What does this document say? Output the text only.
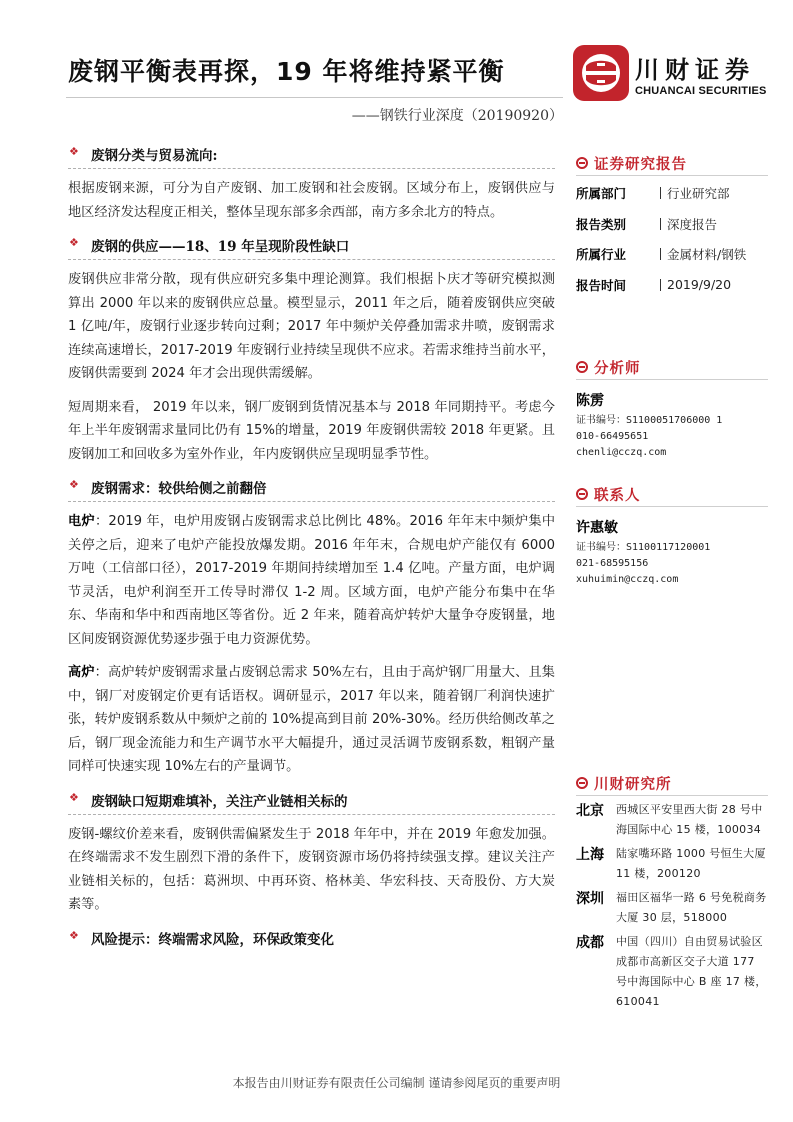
废钢平衡表再探，19 年将维持紧平衡
——钢铁行业深度（20190920）
川财证券
CHUANCAI SECURITIES
❖ 废钢分类与贸易流向:

根据废钢来源，可分为自产废钢、加工废钢和社会废钢。区域分布上，废钢供应与地区经济发达程度正相关，整体呈现东部多余西部，南方多余北方的特点。

❖ 废钢的供应——18、19 年呈现阶段性缺口

废钢供应非常分散，现有供应研究多集中理论测算。我们根据卜庆才等研究模拟测算出 2000 年以来的废钢供应总量。模型显示，2011 年之后，随着废钢供应突破 1 亿吨/年，废钢行业逐步转向过剩；2017 年中频炉关停叠加需求井喷，废钢需求连续高速增长，2017-2019 年废钢行业持续呈现供不应求。若需求维持当前水平，废钢供需要到 2024 年才会出现供需缓解。

短周期来看， 2019 年以来，钢厂废钢到货情况基本与 2018 年同期持平。考虑今年上半年废钢需求量同比仍有 15%的增量，2019 年废钢供需较 2018 年更紧。且废钢加工和回收多为室外作业，年内废钢供应呈现明显季节性。

❖ 废钢需求：较供给侧之前翻倍

电炉：2019 年，电炉用废钢占废钢需求总比例比 48%。2016 年年末中频炉集中关停之后，迎来了电炉产能投放爆发期。2016 年年末，合规电炉产能仅有 6000 万吨（工信部口径），2017-2019 年期间持续增加至 1.4 亿吨。产量方面，电炉调节灵活，电炉利润至开工传导时滞仅 1-2 周。区域方面，电炉产能分布集中在华东、华南和华中和西南地区等省份。近 2 年来，随着高炉转炉大量争夺废钢量，地区间废钢资源优势逐步强于电力资源优势。

高炉：高炉转炉废钢需求量占废钢总需求 50%左右，且由于高炉钢厂用量大、且集中，钢厂对废钢定价更有话语权。调研显示，2017 年以来，随着钢厂利润快速扩张，转炉废钢系数从中频炉之前的 10%提高到目前 20%-30%。经历供给侧改革之后，钢厂现金流能力和生产调节水平大幅提升，通过灵活调节废钢系数，粗钢产量同样可快速实现 10%左右的产量调节。

❖ 废钢缺口短期难填补，关注产业链相关标的

废钢-螺纹价差来看，废钢供需偏紧发生于 2018 年年中，并在 2019 年愈发加强。在终端需求不发生剧烈下滑的条件下，废钢资源市场仍将持续强支撑。建议关注产业链相关标的，包括：葛洲坝、中再环资、格林美、华宏科技、天奇股份、方大炭素等。

❖ 风险提示：终端需求风险，环保政策变化
证券研究报告
所属部门	行业研究部
报告类别	深度报告
所属行业	金属材料/钢铁
报告时间	2019/9/20
分析师
陈雳
证书编号：S1100051706000 1
010-66495651
chenli@cczq.com
联系人
许惠敏
证书编号：S1100117120001
021-68595156
xuhuimin@cczq.com
川财研究所
北京	西城区平安里西大街 28 号中海国际中心 15 楼，100034
上海	陆家嘴环路 1000 号恒生大厦 11 楼，200120
深圳	福田区福华一路 6 号免税商务大厦 30 层，518000
成都	中国（四川）自由贸易试验区成都市高新区交子大道 177 号中海国际中心 B 座 17 楼，610041
本报告由川财证券有限责任公司编制 谨请参阅尾页的重要声明
